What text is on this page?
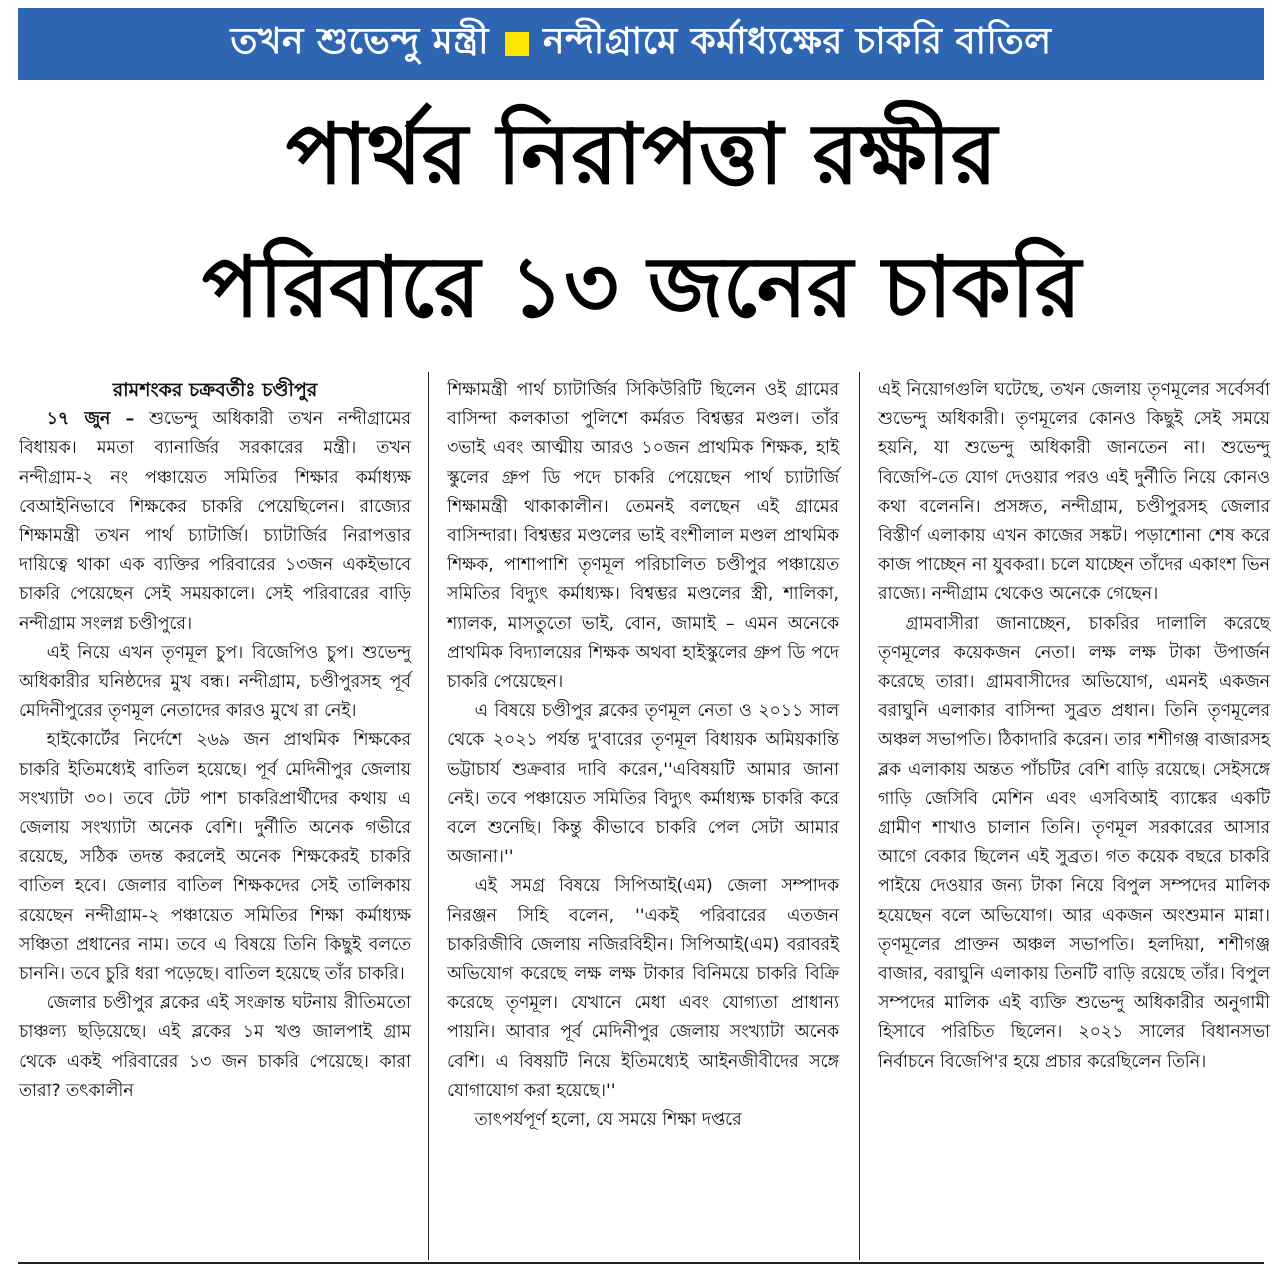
তখন শুভেন্দু মন্ত্রী নন্দীগ্রামে কর্মাধ্যক্ষের চাকরি বাতিল
পার্থর নিরাপত্তা রক্ষীর
পরিবারে ১৩ জনের চাকরি

রামশংকর চক্রবর্তীঃ চণ্ডীপুর

১৭ জুন – শুভেন্দু অধিকারী তখন নন্দীগ্রামের বিধায়ক। মমতা ব্যানার্জির সরকারের মন্ত্রী। তখন নন্দীগ্রাম-২ নং পঞ্চায়েত সমিতির শিক্ষার কর্মাধ্যক্ষ বেআইনিভাবে শিক্ষকের চাকরি পেয়েছিলেন। রাজ্যের শিক্ষামন্ত্রী তখন পার্থ চ্যাটার্জি। চ্যাটার্জির নিরাপত্তার দায়িত্বে থাকা এক ব্যক্তির পরিবারের ১৩জন একইভাবে চাকরি পেয়েছেন সেই সময়কালে। সেই পরিবারের বাড়ি নন্দীগ্রাম সংলগ্ন চণ্ডীপুরে।

এই নিয়ে এখন তৃণমূল চুপ। বিজেপিও চুপ। শুভেন্দু অধিকারীর ঘনিষ্ঠদের মুখ বন্ধ। নন্দীগ্রাম, চণ্ডীপুরসহ পূর্ব মেদিনীপুরের তৃণমূল নেতাদের কারও মুখে রা নেই।

হাইকোর্টের নির্দেশে ২৬৯ জন প্রাথমিক শিক্ষকের চাকরি ইতিমধ্যেই বাতিল হয়েছে। পূর্ব মেদিনীপুর জেলায় সংখ্যাটা ৩০। তবে টেট পাশ চাকরিপ্রার্থীদের কথায় এ জেলায় সংখ্যাটা অনেক বেশি। দুর্নীতি অনেক গভীরে রয়েছে, সঠিক তদন্ত করলেই অনেক শিক্ষকেরই চাকরি বাতিল হবে। জেলার বাতিল শিক্ষকদের সেই তালিকায় রয়েছেন নন্দীগ্রাম-২ পঞ্চায়েত সমিতির শিক্ষা কর্মাধ্যক্ষ সঞ্চিতা প্রধানের নাম। তবে এ বিষয়ে তিনি কিছুই বলতে চাননি। তবে চুরি ধরা পড়েছে। বাতিল হয়েছে তাঁর চাকরি।

জেলার চণ্ডীপুর ব্লকের এই সংক্রান্ত ঘটনায় রীতিমতো চাঞ্চল্য ছড়িয়েছে। এই ব্লকের ১ম খণ্ড জালপাই গ্রাম থেকে একই পরিবারের ১৩ জন চাকরি পেয়েছে। কারা তারা? তৎকালীন

শিক্ষামন্ত্রী পার্থ চ্যাটার্জির সিকিউরিটি ছিলেন ওই গ্রামের বাসিন্দা কলকাতা পুলিশে কর্মরত বিশ্বম্ভর মণ্ডল। তাঁর ৩ভাই এবং আত্মীয় আরও ১০জন প্রাথমিক শিক্ষক, হাই স্কুলের গ্রুপ ডি পদে চাকরি পেয়েছেন পার্থ চ্যাটার্জি শিক্ষামন্ত্রী থাকাকালীন। তেমনই বলছেন এই গ্রামের বাসিন্দারা। বিশ্বম্ভর মণ্ডলের ভাই বংশীলাল মণ্ডল প্রাথমিক শিক্ষক, পাশাপাশি তৃণমূল পরিচালিত চণ্ডীপুর পঞ্চায়েত সমিতির বিদ্যুৎ কর্মাধ্যক্ষ। বিশ্বম্ভর মণ্ডলের স্ত্রী, শালিকা, শ্যালক, মাসতুতো ভাই, বোন, জামাই – এমন অনেকে প্রাথমিক বিদ্যালয়ের শিক্ষক অথবা হাইস্কুলের গ্রুপ ডি পদে চাকরি পেয়েছেন।

এ বিষয়ে চণ্ডীপুর ব্লকের তৃণমূল নেতা ও ২০১১ সাল থেকে ২০২১ পর্যন্ত দু'বারের তৃণমূল বিধায়ক অমিয়কান্তি ভট্টাচার্য শুক্রবার দাবি করেন,''এবিষয়টি আমার জানা নেই। তবে পঞ্চায়েত সমিতির বিদ্যুৎ কর্মাধ্যক্ষ চাকরি করে বলে শুনেছি। কিন্তু কীভাবে চাকরি পেল সেটা আমার অজানা।''

এই সমগ্র বিষয়ে সিপিআই(এম) জেলা সম্পাদক নিরঞ্জন সিহি বলেন, ''একই পরিবারের এতজন চাকরিজীবি জেলায় নজিরবিহীন। সিপিআই(এম) বরাবরই অভিযোগ করেছে লক্ষ লক্ষ টাকার বিনিময়ে চাকরি বিক্রি করেছে তৃণমূল। যেখানে মেধা এবং যোগ্যতা প্রাধান্য পায়নি। আবার পূর্ব মেদিনীপুর জেলায় সংখ্যাটা অনেক বেশি। এ বিষয়টি নিয়ে ইতিমধ্যেই আইনজীবীদের সঙ্গে যোগাযোগ করা হয়েছে।''

তাৎপর্যপূর্ণ হলো, যে সময়ে শিক্ষা দপ্তরে

এই নিয়োগগুলি ঘটেছে, তখন জেলায় তৃণমূলের সর্বেসর্বা শুভেন্দু অধিকারী। তৃণমূলের কোনও কিছুই সেই সময়ে হয়নি, যা শুভেন্দু অধিকারী জানতেন না। শুভেন্দু বিজেপি-তে যোগ দেওয়ার পরও এই দুর্নীতি নিয়ে কোনও কথা বলেননি। প্রসঙ্গত, নন্দীগ্রাম, চণ্ডীপুরসহ জেলার বিস্তীর্ণ এলাকায় এখন কাজের সঙ্কট। পড়াশোনা শেষ করে কাজ পাচ্ছেন না যুবকরা। চলে যাচ্ছেন তাঁদের একাংশ ভিন রাজ্যে। নন্দীগ্রাম থেকেও অনেকে গেছেন।

গ্রামবাসীরা জানাচ্ছেন, চাকরির দালালি করেছে তৃণমূলের কয়েকজন নেতা। লক্ষ লক্ষ টাকা উপার্জন করেছে তারা। গ্রামবাসীদের অভিযোগ, এমনই একজন বরাঘুনি এলাকার বাসিন্দা সুব্রত প্রধান। তিনি তৃণমূলের অঞ্চল সভাপতি। ঠিকাদারি করেন। তার শশীগঞ্জ বাজারসহ ব্লক এলাকায় অন্তত পাঁচটির বেশি বাড়ি রয়েছে। সেইসঙ্গে গাড়ি জেসিবি মেশিন এবং এসবিআই ব্যাঙ্কের একটি গ্রামীণ শাখাও চালান তিনি। তৃণমূল সরকারের আসার আগে বেকার ছিলেন এই সুব্রত। গত কয়েক বছরে চাকরি পাইয়ে দেওয়ার জন্য টাকা নিয়ে বিপুল সম্পদের মালিক হয়েছেন বলে অভিযোগ। আর একজন অংশুমান মান্না। তৃণমূলের প্রাক্তন অঞ্চল সভাপতি। হলদিয়া, শশীগঞ্জ বাজার, বরাঘুনি এলাকায় তিনটি বাড়ি রয়েছে তাঁর। বিপুল সম্পদের মালিক এই ব্যক্তি শুভেন্দু অধিকারীর অনুগামী হিসাবে পরিচিত ছিলেন। ২০২১ সালের বিধানসভা নির্বাচনে বিজেপি'র হয়ে প্রচার করেছিলেন তিনি।
